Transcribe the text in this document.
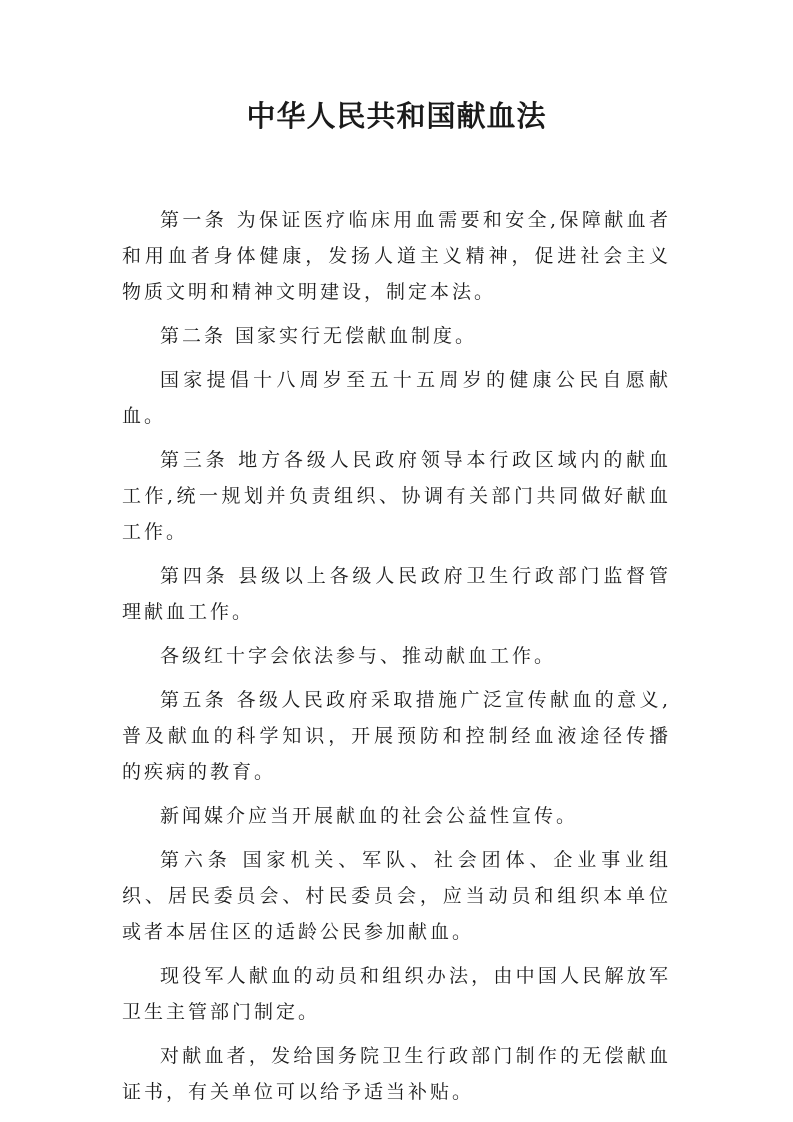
中华人民共和国献血法

第一条 为保证医疗临床用血需要和安全,保障献血者和用血者身体健康，发扬人道主义精神，促进社会主义物质文明和精神文明建设，制定本法。

第二条 国家实行无偿献血制度。

国家提倡十八周岁至五十五周岁的健康公民自愿献血。

第三条 地方各级人民政府领导本行政区域内的献血工作,统一规划并负责组织、协调有关部门共同做好献血工作。

第四条 县级以上各级人民政府卫生行政部门监督管理献血工作。

各级红十字会依法参与、推动献血工作。

第五条 各级人民政府采取措施广泛宣传献血的意义,普及献血的科学知识，开展预防和控制经血液途径传播的疾病的教育。

新闻媒介应当开展献血的社会公益性宣传。

第六条 国家机关、军队、社会团体、企业事业组织、居民委员会、村民委员会，应当动员和组织本单位或者本居住区的适龄公民参加献血。

现役军人献血的动员和组织办法，由中国人民解放军卫生主管部门制定。

对献血者，发给国务院卫生行政部门制作的无偿献血证书，有关单位可以给予适当补贴。
